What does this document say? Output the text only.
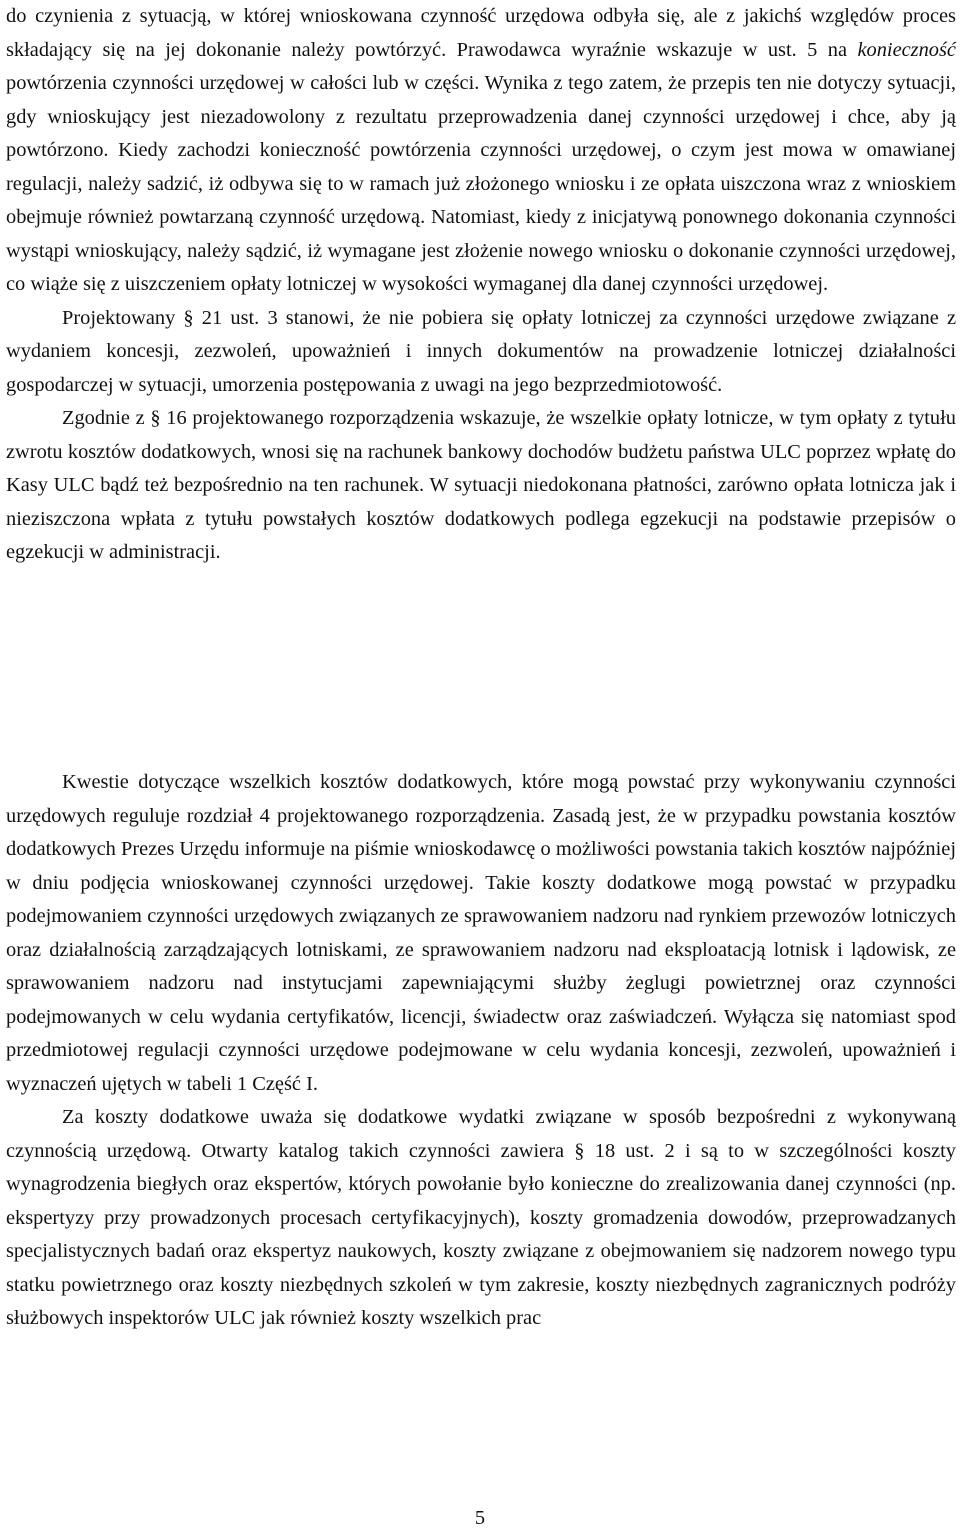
do czynienia z sytuacją, w której wnioskowana czynność urzędowa odbyła się, ale z jakichś względów proces składający się na jej dokonanie należy powtórzyć. Prawodawca wyraźnie wskazuje w ust. 5 na konieczność powtórzenia czynności urzędowej w całości lub w części. Wynika z tego zatem, że przepis ten nie dotyczy sytuacji, gdy wnioskujący jest niezadowolony z rezultatu przeprowadzenia danej czynności urzędowej i chce, aby ją powtórzono. Kiedy zachodzi konieczność powtórzenia czynności urzędowej, o czym jest mowa w omawianej regulacji, należy sadzić, iż odbywa się to w ramach już złożonego wniosku i ze opłata uiszczona wraz z wnioskiem obejmuje również powtarzaną czynność urzędową. Natomiast, kiedy z inicjatywą ponownego dokonania czynności wystąpi wnioskujący, należy sądzić, iż wymagane jest złożenie nowego wniosku o dokonanie czynności urzędowej, co wiąże się z uiszczeniem opłaty lotniczej w wysokości wymaganej dla danej czynności urzędowej.

Projektowany § 21 ust. 3 stanowi, że nie pobiera się opłaty lotniczej za czynności urzędowe związane z wydaniem koncesji, zezwoleń, upoważnień i innych dokumentów na prowadzenie lotniczej działalności gospodarczej w sytuacji, umorzenia postępowania z uwagi na jego bezprzedmiotowość.

Zgodnie z § 16 projektowanego rozporządzenia wskazuje, że wszelkie opłaty lotnicze, w tym opłaty z tytułu zwrotu kosztów dodatkowych, wnosi się na rachunek bankowy dochodów budżetu państwa ULC poprzez wpłatę do Kasy ULC bądź też bezpośrednio na ten rachunek. W sytuacji niedokonana płatności, zarówno opłata lotnicza jak i nieziszczona wpłata z tytułu powstałych kosztów dodatkowych podlega egzekucji na podstawie przepisów o egzekucji w administracji.

Kwestie dotyczące wszelkich kosztów dodatkowych, które mogą powstać przy wykonywaniu czynności urzędowych reguluje rozdział 4 projektowanego rozporządzenia. Zasadą jest, że w przypadku powstania kosztów dodatkowych Prezes Urzędu informuje na piśmie wnioskodawcę o możliwości powstania takich kosztów najpóźniej w dniu podjęcia wnioskowanej czynności urzędowej. Takie koszty dodatkowe mogą powstać w przypadku podejmowaniem czynności urzędowych związanych ze sprawowaniem nadzoru nad rynkiem przewozów lotniczych oraz działalnością zarządzających lotniskami, ze sprawowaniem nadzoru nad eksploatacją lotnisk i lądowisk, ze sprawowaniem nadzoru nad instytucjami zapewniającymi służby żeglugi powietrznej oraz czynności podejmowanych w celu wydania certyfikatów, licencji, świadectw oraz zaświadczeń. Wyłącza się natomiast spod przedmiotowej regulacji czynności urzędowe podejmowane w celu wydania koncesji, zezwoleń, upoważnień i wyznaczeń ujętych w tabeli 1 Część I.

Za koszty dodatkowe uważa się dodatkowe wydatki związane w sposób bezpośredni z wykonywaną czynnością urzędową. Otwarty katalog takich czynności zawiera § 18 ust. 2 i są to w szczególności koszty wynagrodzenia biegłych oraz ekspertów, których powołanie było konieczne do zrealizowania danej czynności (np. ekspertyzy przy prowadzonych procesach certyfikacyjnych), koszty gromadzenia dowodów, przeprowadzanych specjalistycznych badań oraz ekspertyz naukowych, koszty związane z obejmowaniem się nadzorem nowego typu statku powietrznego oraz koszty niezbędnych szkoleń w tym zakresie, koszty niezbędnych zagranicznych podróży służbowych inspektorów ULC jak również koszty wszelkich prac

5
